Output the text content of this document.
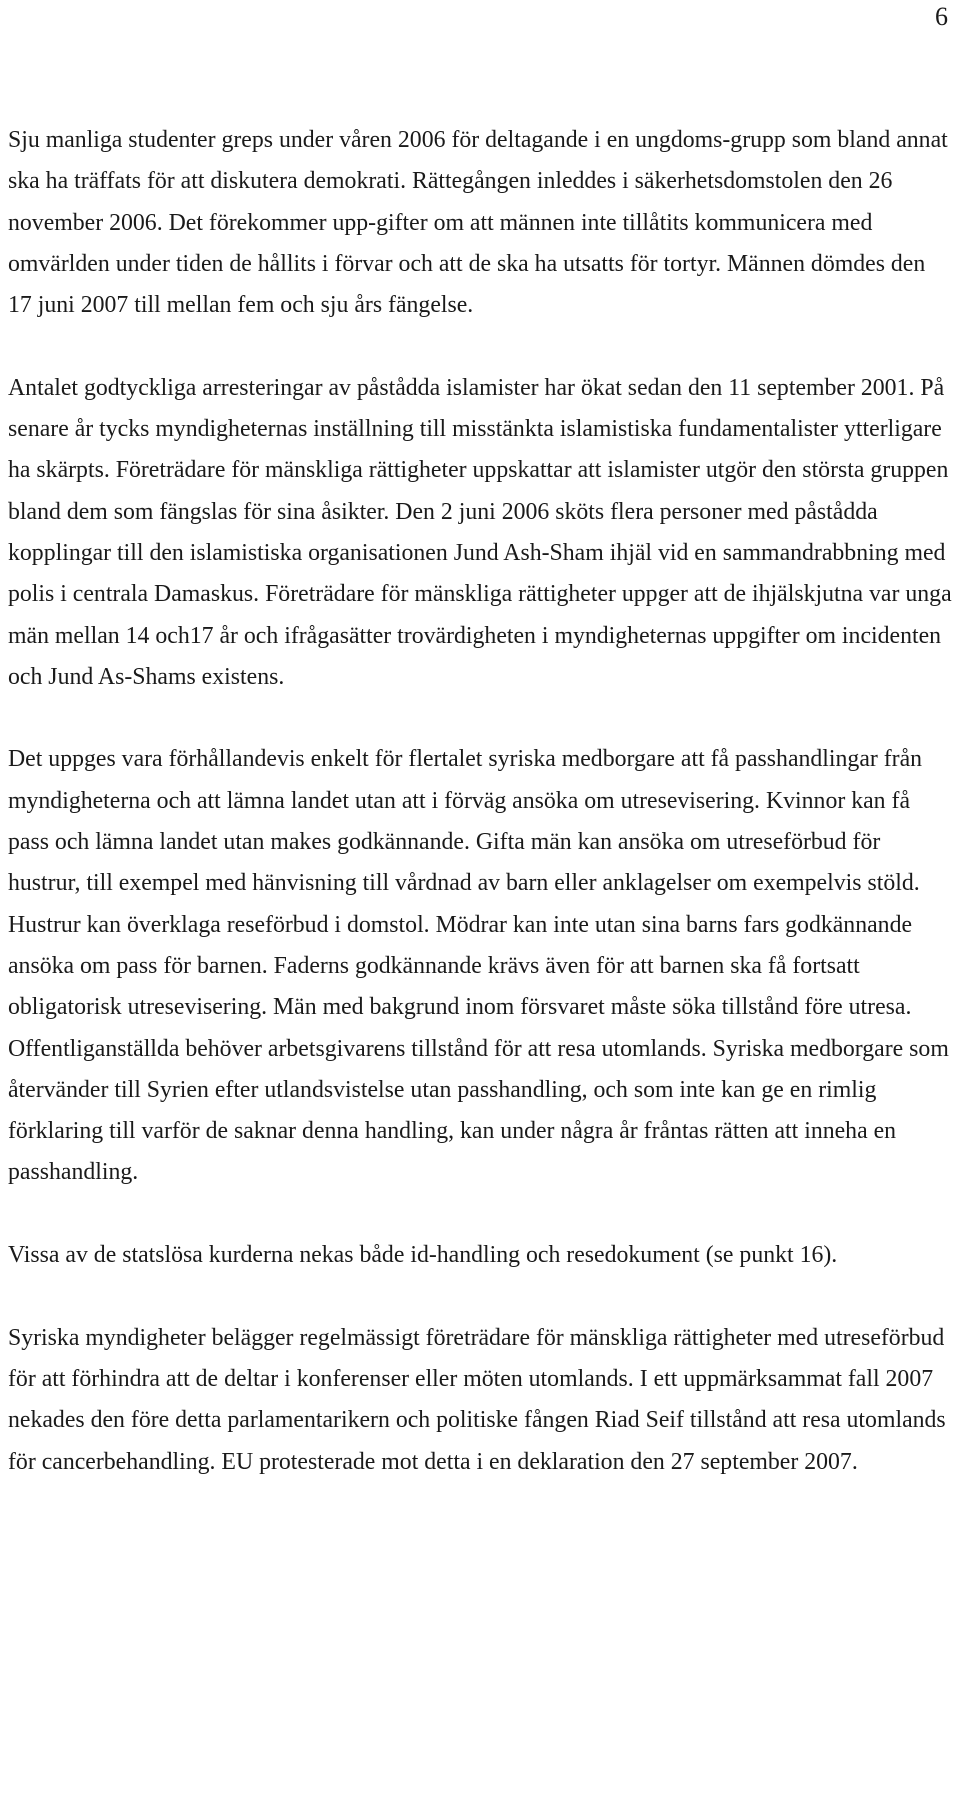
6

Sju manliga studenter greps under våren 2006 för deltagande i en ungdoms-grupp som bland annat ska ha träffats för att diskutera demokrati. Rättegången inleddes i säkerhetsdomstolen den 26 november 2006. Det förekommer upp-gifter om att männen inte tillåtits kommunicera med omvärlden under tiden de hållits i förvar och att de ska ha utsatts för tortyr. Männen dömdes den 17 juni 2007 till mellan fem och sju års fängelse.

Antalet godtyckliga arresteringar av påstådda islamister har ökat sedan den 11 september 2001. På senare år tycks myndigheternas inställning till misstänkta islamistiska fundamentalister ytterligare ha skärpts. Företrädare för mänskliga rättigheter uppskattar att islamister utgör den största gruppen bland dem som fängslas för sina åsikter. Den 2 juni 2006 sköts flera personer med påstådda kopplingar till den islamistiska organisationen Jund Ash-Sham ihjäl vid en sammandrabbning med polis i centrala Damaskus. Företrädare för mänskliga rättigheter uppger att de ihjälskjutna var unga män mellan 14 och17 år och ifrågasätter trovärdigheten i myndigheternas uppgifter om incidenten och Jund As-Shams existens.

Det uppges vara förhållandevis enkelt för flertalet syriska medborgare att få passhandlingar från myndigheterna och att lämna landet utan att i förväg ansöka om utresevisering. Kvinnor kan få pass och lämna landet utan makes godkännande. Gifta män kan ansöka om utreseförbud för hustrur, till exempel med hänvisning till vårdnad av barn eller anklagelser om exempelvis stöld. Hustrur kan överklaga reseförbud i domstol. Mödrar kan inte utan sina barns fars godkännande ansöka om pass för barnen. Faderns godkännande krävs även för att barnen ska få fortsatt obligatorisk utresevisering. Män med bakgrund inom försvaret måste söka tillstånd före utresa. Offentliganställda behöver arbetsgivarens tillstånd för att resa utomlands. Syriska medborgare som återvänder till Syrien efter utlandsvistelse utan passhandling, och som inte kan ge en rimlig förklaring till varför de saknar denna handling, kan under några år fråntas rätten att inneha en passhandling.

Vissa av de statslösa kurderna nekas både id-handling och resedokument (se punkt 16).

Syriska myndigheter belägger regelmässigt företrädare för mänskliga rättigheter med utreseförbud för att förhindra att de deltar i konferenser eller möten utomlands. I ett uppmärksammat fall 2007 nekades den före detta parlamentarikern och politiske fången Riad Seif tillstånd att resa utomlands för cancerbehandling. EU protesterade mot detta i en deklaration den 27 september 2007.
